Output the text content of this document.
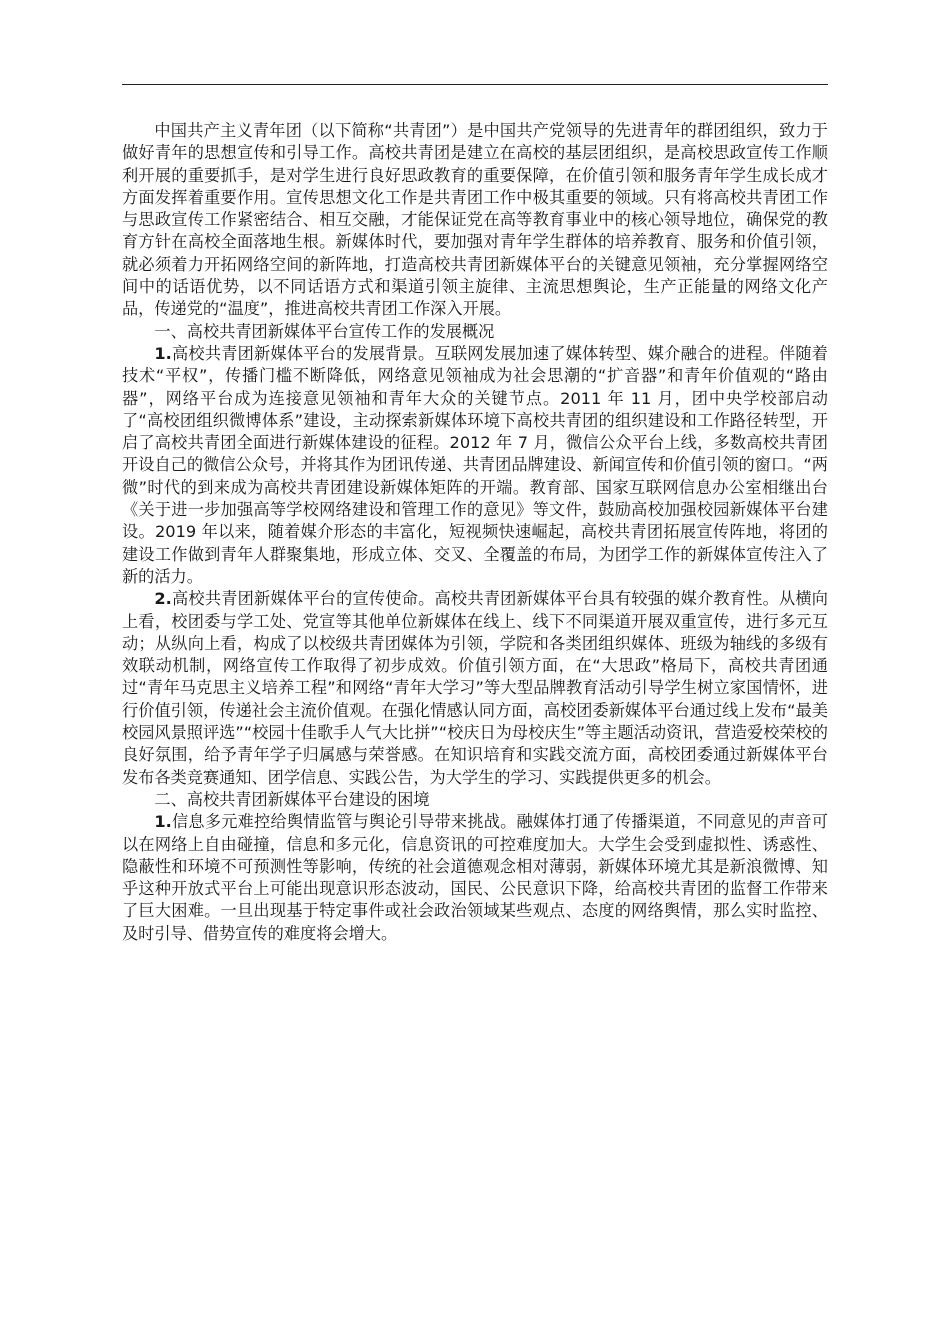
中国共产主义青年团（以下简称“共青团”）是中国共产党领导的先进青年的群团组织，致力于做好青年的思想宣传和引导工作。高校共青团是建立在高校的基层团组织，是高校思政宣传工作顺利开展的重要抓手，是对学生进行良好思政教育的重要保障，在价值引领和服务青年学生成长成才方面发挥着重要作用。宣传思想文化工作是共青团工作中极其重要的领域。只有将高校共青团工作与思政宣传工作紧密结合、相互交融，才能保证党在高等教育事业中的核心领导地位，确保党的教育方针在高校全面落地生根。新媒体时代，要加强对青年学生群体的培养教育、服务和价值引领，就必须着力开拓网络空间的新阵地，打造高校共青团新媒体平台的关键意见领袖，充分掌握网络空间中的话语优势，以不同话语方式和渠道引领主旋律、主流思想舆论，生产正能量的网络文化产品，传递党的“温度”，推进高校共青团工作深入开展。

一、高校共青团新媒体平台宣传工作的发展概况

1.高校共青团新媒体平台的发展背景。互联网发展加速了媒体转型、媒介融合的进程。伴随着技术“平权”，传播门槛不断降低，网络意见领袖成为社会思潮的“扩音器”和青年价值观的“路由器”，网络平台成为连接意见领袖和青年大众的关键节点。2011 年 11 月，团中央学校部启动了“高校团组织微博体系”建设，主动探索新媒体环境下高校共青团的组织建设和工作路径转型，开启了高校共青团全面进行新媒体建设的征程。2012 年 7 月，微信公众平台上线，多数高校共青团开设自己的微信公众号，并将其作为团讯传递、共青团品牌建设、新闻宣传和价值引领的窗口。“两微”时代的到来成为高校共青团建设新媒体矩阵的开端。教育部、国家互联网信息办公室相继出台《关于进一步加强高等学校网络建设和管理工作的意见》等文件，鼓励高校加强校园新媒体平台建设。2019 年以来，随着媒介形态的丰富化，短视频快速崛起，高校共青团拓展宣传阵地，将团的建设工作做到青年人群聚集地，形成立体、交叉、全覆盖的布局，为团学工作的新媒体宣传注入了新的活力。

2.高校共青团新媒体平台的宣传使命。高校共青团新媒体平台具有较强的媒介教育性。从横向上看，校团委与学工处、党宣等其他单位新媒体在线上、线下不同渠道开展双重宣传，进行多元互动；从纵向上看，构成了以校级共青团媒体为引领，学院和各类团组织媒体、班级为轴线的多级有效联动机制，网络宣传工作取得了初步成效。价值引领方面，在“大思政”格局下，高校共青团通过“青年马克思主义培养工程”和网络“青年大学习”等大型品牌教育活动引导学生树立家国情怀，进行价值引领，传递社会主流价值观。在强化情感认同方面，高校团委新媒体平台通过线上发布“最美校园风景照评选”“校园十佳歌手人气大比拼”“校庆日为母校庆生”等主题活动资讯，营造爱校荣校的良好氛围，给予青年学子归属感与荣誉感。在知识培育和实践交流方面，高校团委通过新媒体平台发布各类竞赛通知、团学信息、实践公告，为大学生的学习、实践提供更多的机会。

二、高校共青团新媒体平台建设的困境

1.信息多元难控给舆情监管与舆论引导带来挑战。融媒体打通了传播渠道，不同意见的声音可以在网络上自由碰撞，信息和多元化，信息资讯的可控难度加大。大学生会受到虚拟性、诱惑性、隐蔽性和环境不可预测性等影响，传统的社会道德观念相对薄弱，新媒体环境尤其是新浪微博、知乎这种开放式平台上可能出现意识形态波动，国民、公民意识下降，给高校共青团的监督工作带来了巨大困难。一旦出现基于特定事件或社会政治领域某些观点、态度的网络舆情，那么实时监控、及时引导、借势宣传的难度将会增大。
